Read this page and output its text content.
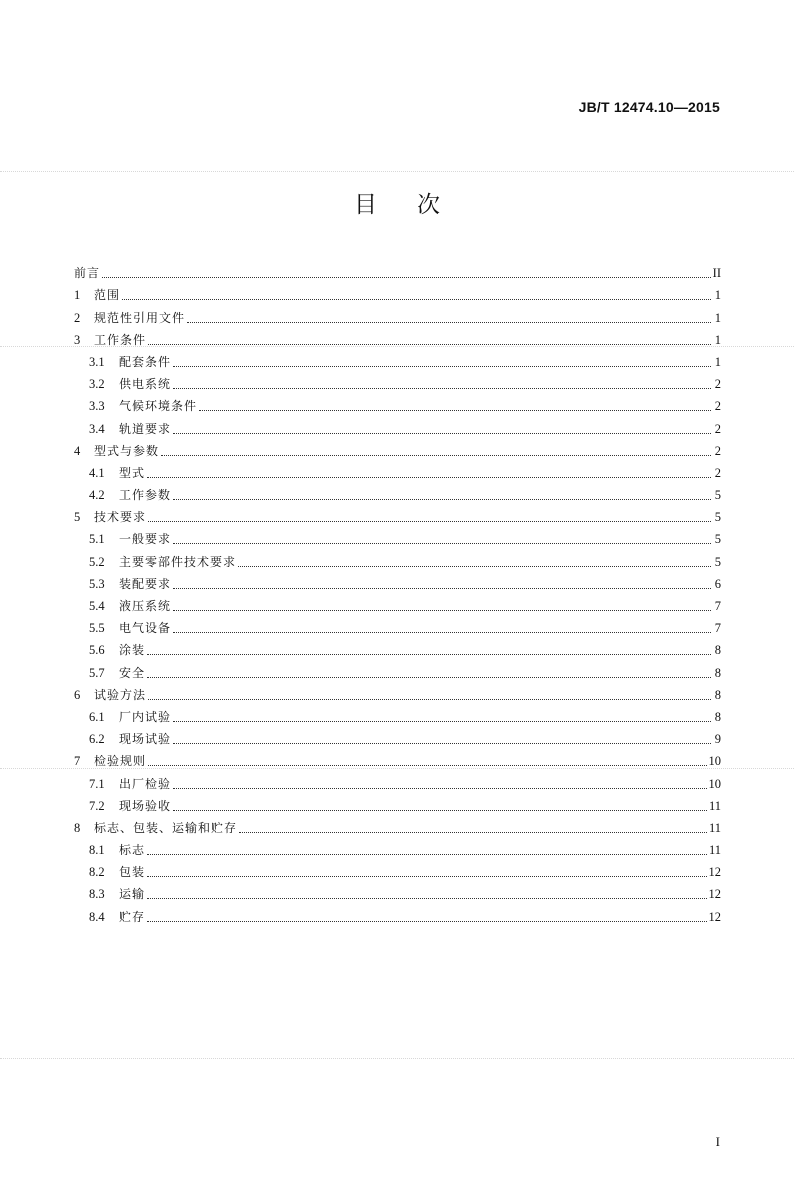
JB/T 12474.10—2015
目次
前言	II
1	范围	1
2	规范性引用文件	1
3	工作条件	1
3.1	配套条件	1
3.2	供电系统	2
3.3	气候环境条件	2
3.4	轨道要求	2
4	型式与参数	2
4.1	型式	2
4.2	工作参数	5
5	技术要求	5
5.1	一般要求	5
5.2	主要零部件技术要求	5
5.3	装配要求	6
5.4	液压系统	7
5.5	电气设备	7
5.6	涂装	8
5.7	安全	8
6	试验方法	8
6.1	厂内试验	8
6.2	现场试验	9
7	检验规则	10
7.1	出厂检验	10
7.2	现场验收	11
8	标志、包装、运输和贮存	11
8.1	标志	11
8.2	包装	12
8.3	运输	12
8.4	贮存	12
I
